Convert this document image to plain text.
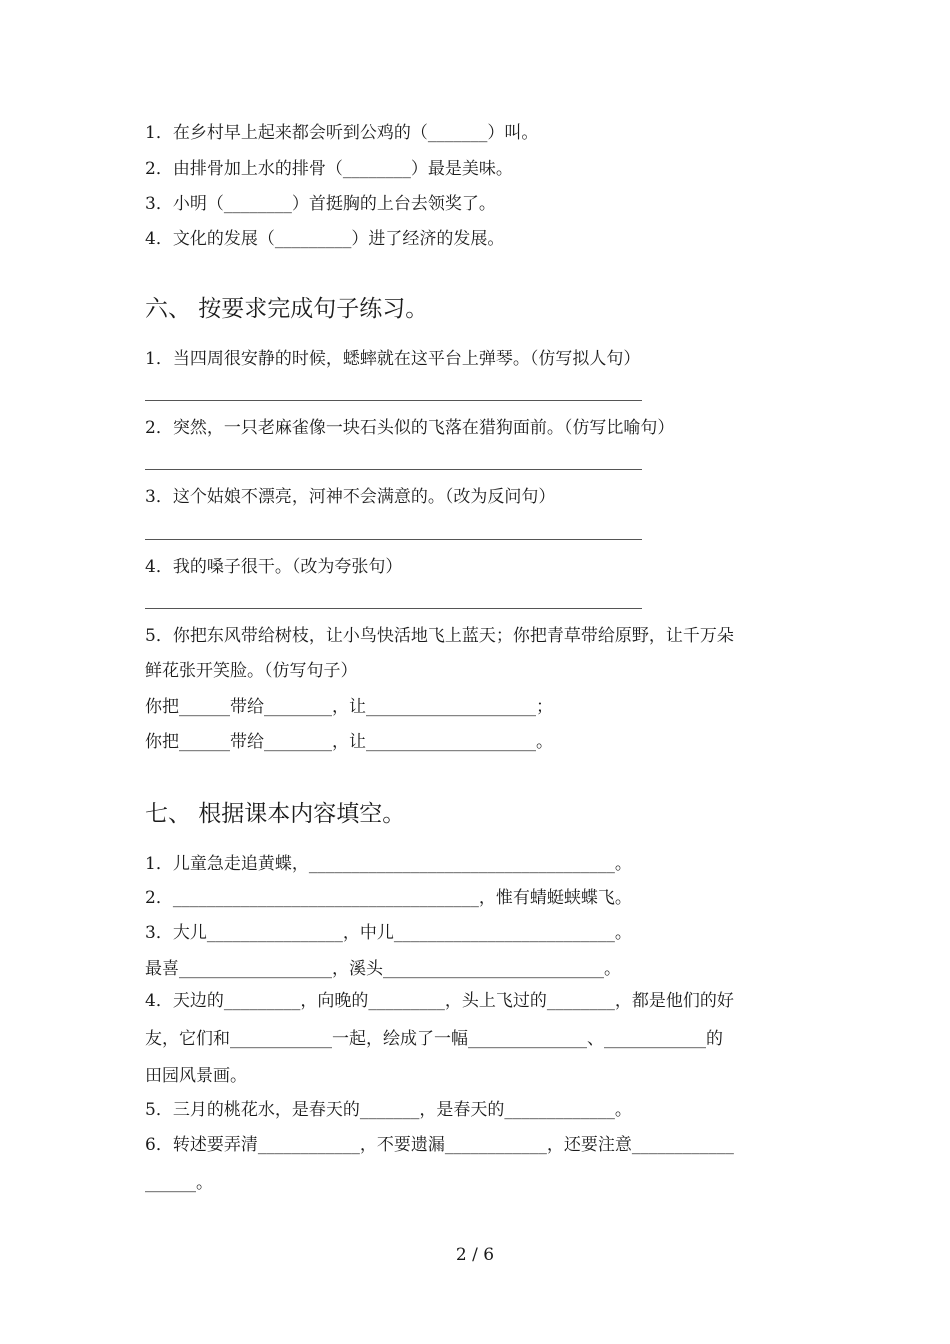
1．在乡村早上起来都会听到公鸡的（_______）叫。
2．由排骨加上水的排骨（________）最是美味。
3．小明（________）首挺胸的上台去领奖了。
4．文化的发展（_________）进了经济的发展。
六、 按要求完成句子练习。
1．当四周很安静的时候，蟋蟀就在这平台上弹琴。（仿写拟人句）
2．突然，一只老麻雀像一块石头似的飞落在猎狗面前。（仿写比喻句）
3．这个姑娘不漂亮，河神不会满意的。（改为反问句）
4．我的嗓子很干。（改为夸张句）
5．你把东风带给树枝，让小鸟快活地飞上蓝天；你把青草带给原野，让千万朵
鲜花张开笑脸。（仿写句子）
你把______带给________，让____________________；
你把______带给________，让____________________。
七、 根据课本内容填空。
1．儿童急走追黄蝶，____________________________________。
2．____________________________________，惟有蜻蜓蛱蝶飞。
3．大儿________________，中儿__________________________。
最喜__________________，溪头__________________________。
4．天边的_________，向晚的_________，头上飞过的________，都是他们的好
友，它们和____________一起，绘成了一幅______________、____________的
田园风景画。
5．三月的桃花水，是春天的_______，是春天的_____________。
6．转述要弄清____________，不要遗漏____________，还要注意____________
______。
2 / 6
